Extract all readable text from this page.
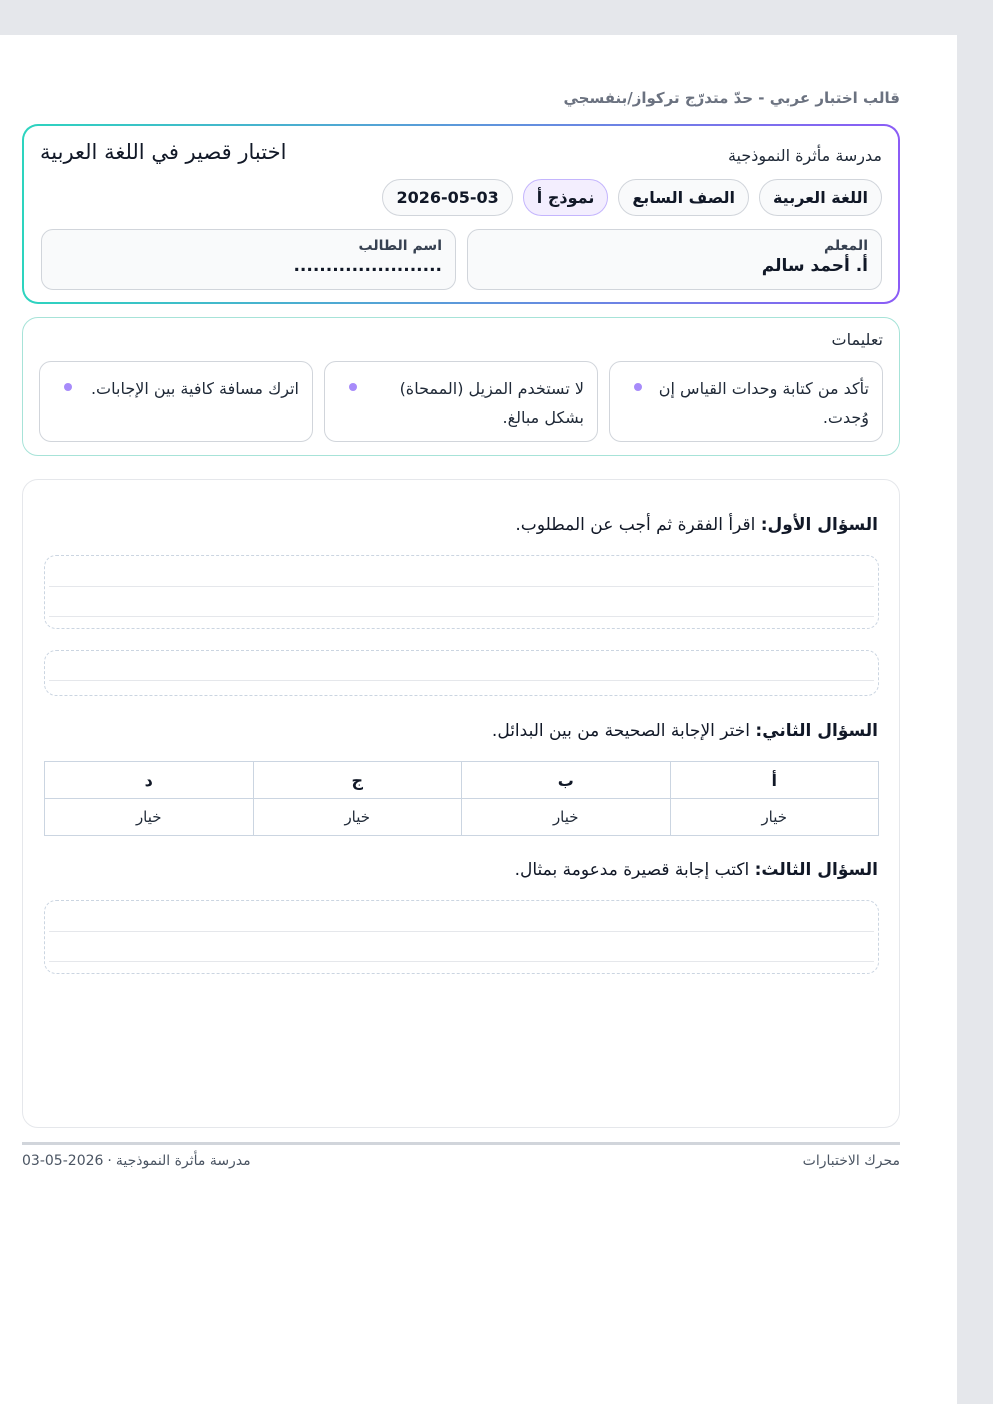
قالب اختبار عربي - حدّ متدرّج تركواز/بنفسجي
مدرسة مأثرة النموذجية
اختبار قصير في اللغة العربية
اللغة العربية
الصف السابع
نموذج أ
2026-05-03
المعلم
أ. أحمد سالم
اسم الطالب
.......................
تعليمات
تأكد من كتابة وحدات القياس إن وُجدت.
لا تستخدم المزيل (الممحاة) بشكل مبالغ.
اترك مسافة كافية بين الإجابات.
السؤال الأول: اقرأ الفقرة ثم أجب عن المطلوب.
السؤال الثاني: اختر الإجابة الصحيحة من بين البدائل.
أ	ب	ج	د
خيار	خيار	خيار	خيار
السؤال الثالث: اكتب إجابة قصيرة مدعومة بمثال.
محرك الاختبارات
مدرسة مأثرة النموذجية·2026-05-03
